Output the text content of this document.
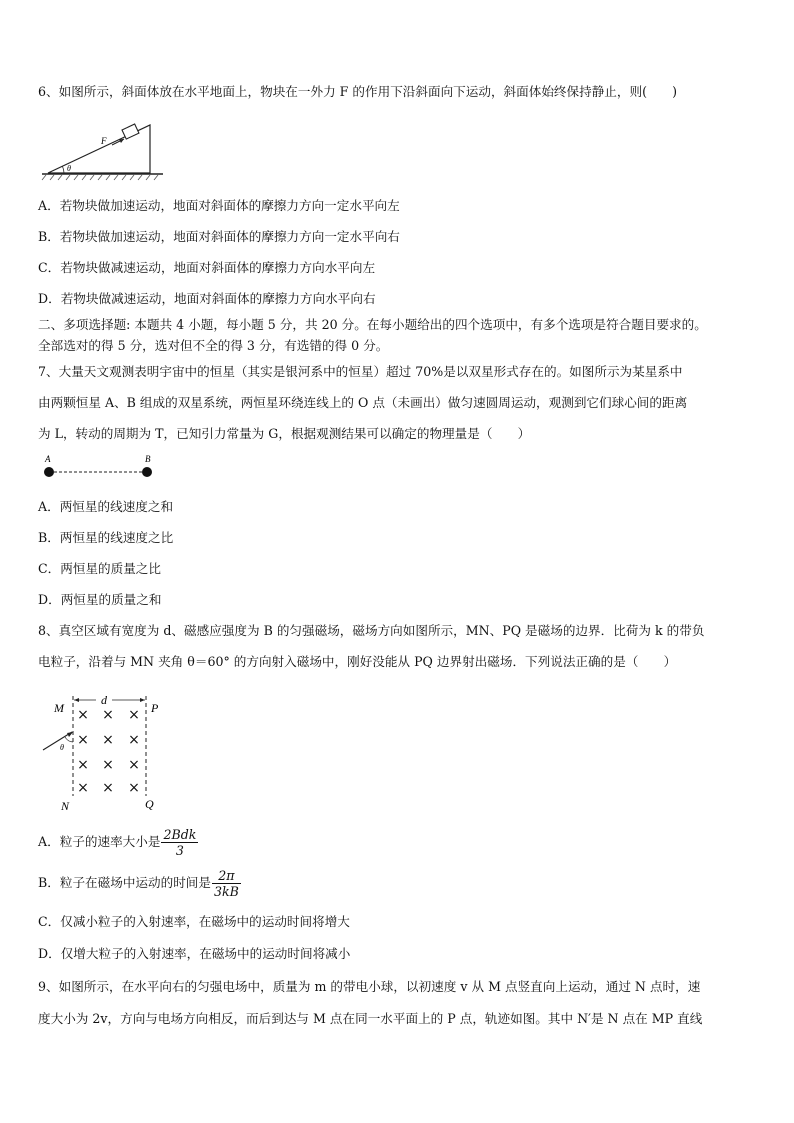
6、如图所示，斜面体放在水平地面上，物块在一外力 F 的作用下沿斜面向下运动，斜面体始终保持静止，则(　　)
F
θ
A．若物块做加速运动，地面对斜面体的摩擦力方向一定水平向左
B．若物块做加速运动，地面对斜面体的摩擦力方向一定水平向右
C．若物块做减速运动，地面对斜面体的摩擦力方向水平向左
D．若物块做减速运动，地面对斜面体的摩擦力方向水平向右
二、多项选择题: 本题共 4 小题，每小题 5 分，共 20 分。在每小题给出的四个选项中，有多个选项是符合题目要求的。
全部选对的得 5 分，选对但不全的得 3 分，有选错的得 0 分。
7、大量天文观测表明宇宙中的恒星（其实是银河系中的恒星）超过 70%是以双星形式存在的。如图所示为某星系中
由两颗恒星 A、B 组成的双星系统，两恒星环绕连线上的 O 点（未画出）做匀速圆周运动，观测到它们球心间的距离
为 L，转动的周期为 T，已知引力常量为 G，根据观测结果可以确定的物理量是（　　）
A	B
A．两恒星的线速度之和
B．两恒星的线速度之比
C．两恒星的质量之比
D．两恒星的质量之和
8、真空区域有宽度为 d、磁感应强度为 B 的匀强磁场，磁场方向如图所示，MN、PQ 是磁场的边界．比荷为 k 的带负
电粒子，沿着与 MN 夹角 θ＝60° 的方向射入磁场中，刚好没能从 PQ 边界射出磁场．下列说法正确的是（　　）
M
d
P
θ
× × ×
× × ×
× × ×
× × ×
N	Q
A．粒子的速率大小是 $\frac{\text{2Bdk}}{3}$
B．粒子在磁场中运动的时间是 $\frac{2\pi}{3kB}$
C．仅减小粒子的入射速率，在磁场中的运动时间将增大
D．仅增大粒子的入射速率，在磁场中的运动时间将减小
9、如图所示，在水平向右的匀强电场中，质量为 m 的带电小球，以初速度 v 从 M 点竖直向上运动，通过 N 点时，速
度大小为 2v，方向与电场方向相反，而后到达与 M 点在同一水平面上的 P 点，轨迹如图。其中 N′是 N 点在 MP 直线
